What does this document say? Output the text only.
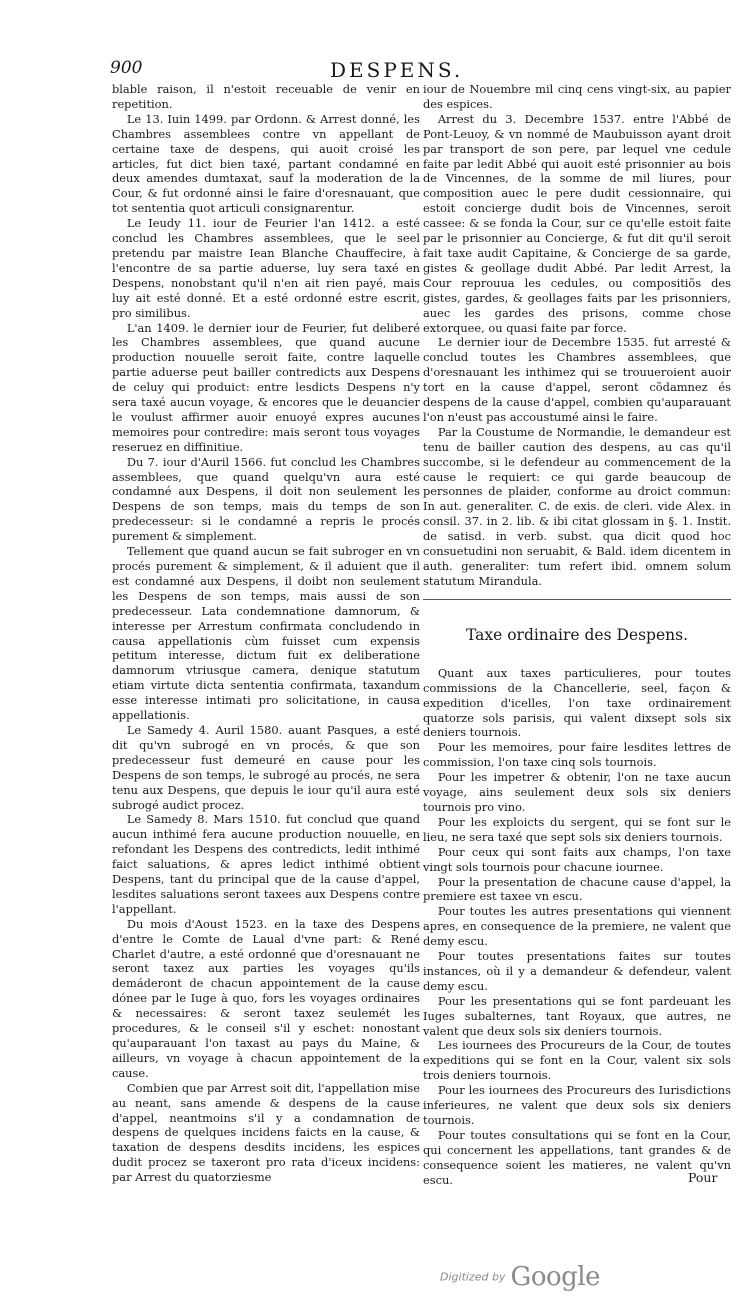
900	DESPENS.

blable raison, il n'estoit receuable de venir en repetition.

Le 13. Iuin 1499. par Ordonn. & Arrest donné, les Chambres assemblees contre vn appellant de certaine taxe de despens, qui auoit croisé les articles, fut dict bien taxé, partant condamné en deux amendes dumtaxat, sauf la moderation de la Cour, & fut ordonné ainsi le faire d'oresnauant, que tot sententia quot articuli consignarentur.

Le Ieudy 11. iour de Feurier l'an 1412. a esté conclud les Chambres assemblees, que le seel pretendu par maistre Iean Blanche Chauffecire, à l'encontre de sa partie aduerse, luy sera taxé en Despens, nonobstant qu'il n'en ait rien payé, mais luy ait esté donné. Et a esté ordonné estre escrit, pro similibus.

L'an 1409. le dernier iour de Feurier, fut deliberé les Chambres assemblees, que quand aucune production nouuelle seroit faite, contre laquelle partie aduerse peut bailler contredicts aux Despens de celuy qui produict: entre lesdicts Despens n'y sera taxé aucun voyage, & encores que le deuancier le voulust affirmer auoir enuoyé expres aucunes memoires pour contredire: mais seront tous voyages reseruez en diffinitiue.

Du 7. iour d'Auril 1566. fut conclud les Chambres assemblees, que quand quelqu'vn aura esté condamné aux Despens, il doit non seulement les Despens de son temps, mais du temps de son predecesseur: si le condamné a repris le procés purement & simplement.

Tellement que quand aucun se fait subroger en vn procés purement & simplement, & il aduient que il est condamné aux Despens, il doibt non seulement les Despens de son temps, mais aussi de son predecesseur. Lata condemnatione damnorum, & interesse per Arrestum confirmata concludendo in causa appellationis cùm fuisset cum expensis petitum interesse, dictum fuit ex deliberatione damnorum vtriusque camera, denique statutum etiam virtute dicta sententia confirmata, taxandum esse interesse intimati pro solicitatione, in causa appellationis.

Le Samedy 4. Auril 1580. auant Pasques, a esté dit qu'vn subrogé en vn procés, & que son predecesseur fust demeuré en cause pour les Despens de son temps, le subrogé au procés, ne sera tenu aux Despens, que depuis le iour qu'il aura esté subrogé audict procez.

Le Samedy 8. Mars 1510. fut conclud que quand aucun inthimé fera aucune production nouuelle, en refondant les Despens des contredicts, ledit inthimé faict saluations, & apres ledict inthimé obtient Despens, tant du principal que de la cause d'appel, lesdites saluations seront taxees aux Despens contre l'appellant.

Du mois d'Aoust 1523. en la taxe des Despens d'entre le Comte de Laual d'vne part: & René Charlet d'autre, a esté ordonné que d'oresnauant ne seront taxez aux parties les voyages qu'ils demáderont de chacun appointement de la cause dónee par le Iuge à quo, fors les voyages ordinaires & necessaires: & seront taxez seulemét les procedures, & le conseil s'il y eschet: nonostant qu'auparauant l'on taxast au pays du Maine, & ailleurs, vn voyage à chacun appointement de la cause.

Combien que par Arrest soit dit, l'appellation mise au neant, sans amende & despens de la cause d'appel, neantmoins s'il y a condamnation de despens de quelques incidens faicts en la cause, & taxation de despens desdits incidens, les espices dudit procez se taxeront pro rata d'iceux incidens: par Arrest du quatorziesme

iour de Nouembre mil cinq cens vingt-six, au papier des espices.

Arrest du 3. Decembre 1537. entre l'Abbé de Pont-Leuoy, & vn nommé de Maubuisson ayant droit par transport de son pere, par lequel vne cedule faite par ledit Abbé qui auoit esté prisonnier au bois de Vincennes, de la somme de mil liures, pour composition auec le pere dudit cessionnaire, qui estoit concierge dudit bois de Vincennes, seroit cassee: & se fonda la Cour, sur ce qu'elle estoit faite par le prisonnier au Concierge, & fut dit qu'il seroit fait taxe audit Capitaine, & Concierge de sa garde, gistes & geollage dudit Abbé. Par ledit Arrest, la Cour reprouua les cedules, ou compositiõs des gistes, gardes, & geollages faits par les prisonniers, auec les gardes des prisons, comme chose extorquee, ou quasi faite par force.

Le dernier iour de Decembre 1535. fut arresté & conclud toutes les Chambres assemblees, que d'oresnauant les inthimez qui se trouueroient auoir tort en la cause d'appel, seront cõdamnez és despens de la cause d'appel, combien qu'auparauant l'on n'eust pas accoustumé ainsi le faire.

Par la Coustume de Normandie, le demandeur est tenu de bailler caution des despens, au cas qu'il succombe, si le defendeur au commencement de la cause le requiert: ce qui garde beaucoup de personnes de plaider, conforme au droict commun: In aut. generaliter. C. de exis. de cleri. vide Alex. in consil. 37. in 2. lib. & ibi citat glossam in §. 1. Instit. de satisd. in verb. subst. qua dicit quod hoc consuetudini non seruabit, & Bald. idem dicentem in auth. generaliter: tum refert ibid. omnem solum statutum Mirandula.

Taxe ordinaire des Despens.

Quant aux taxes particulieres, pour toutes commissions de la Chancellerie, seel, façon & expedition d'icelles, l'on taxe ordinairement quatorze sols parisis, qui valent dixsept sols six deniers tournois.

Pour les memoires, pour faire lesdites lettres de commission, l'on taxe cinq sols tournois.

Pour les impetrer & obtenir, l'on ne taxe aucun voyage, ains seulement deux sols six deniers tournois pro vino.

Pour les exploicts du sergent, qui se font sur le lieu, ne sera taxé que sept sols six deniers tournois.

Pour ceux qui sont faits aux champs, l'on taxe vingt sols tournois pour chacune iournee.

Pour la presentation de chacune cause d'appel, la premiere est taxee vn escu.

Pour toutes les autres presentations qui viennent apres, en consequence de la premiere, ne valent que demy escu.

Pour toutes presentations faites sur toutes instances, où il y a demandeur & defendeur, valent demy escu.

Pour les presentations qui se font pardeuant les Iuges subalternes, tant Royaux, que autres, ne valent que deux sols six deniers tournois.

Les iournees des Procureurs de la Cour, de toutes expeditions qui se font en la Cour, valent six sols trois deniers tournois.

Pour les iournees des Procureurs des Iurisdictions inferieures, ne valent que deux sols six deniers tournois.

Pour toutes consultations qui se font en la Cour, qui concernent les appellations, tant grandes & de consequence soient les matieres, ne valent qu'vn escu.	Pour
Digitized by Google
